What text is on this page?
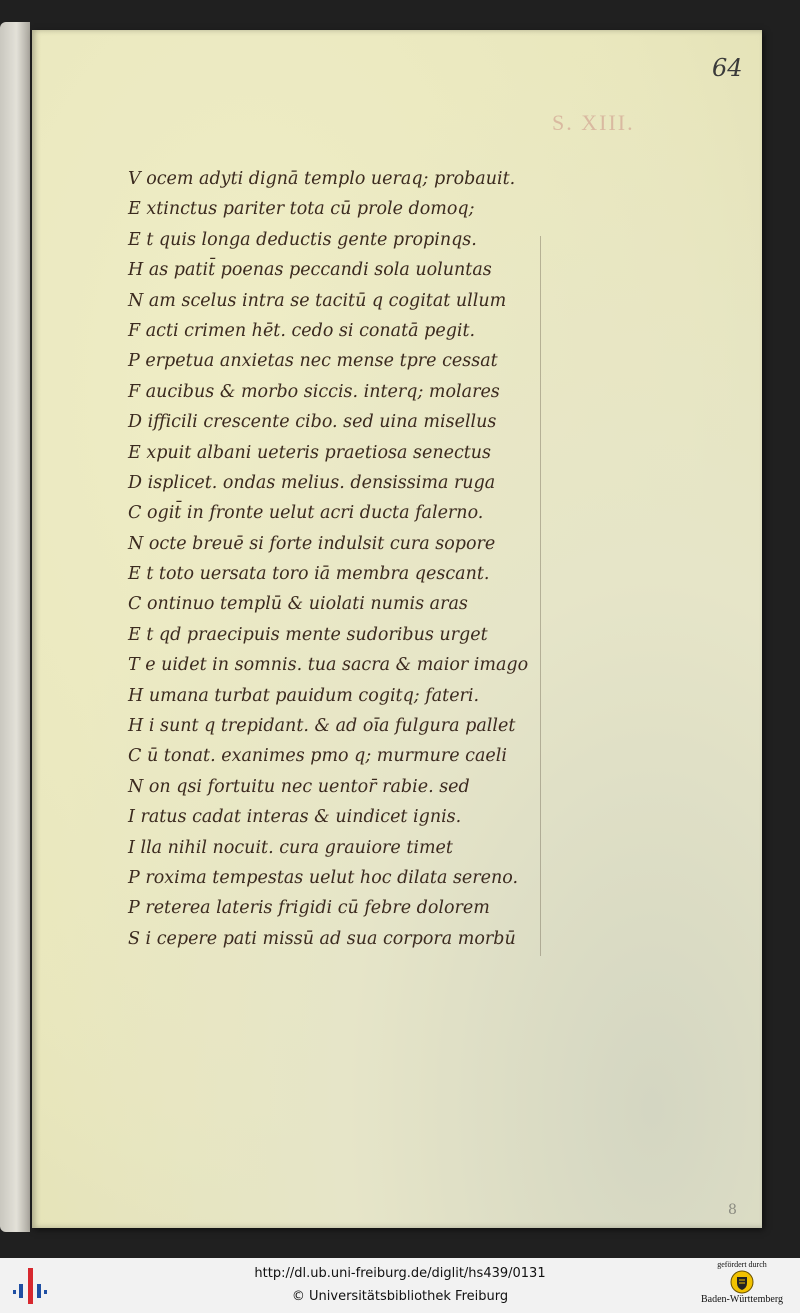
64
S. XIII.
V ocem adyti dignā templo ueraq; probauit.
E xtinctus pariter tota cū prole domoq;
E t quis longa deductis gente propinqs.
H as patit̄ poenas peccandi sola uoluntas
N am scelus intra se tacitū q cogitat ullum
F acti crimen hēt. cedo si conatā pegit.
P erpetua anxietas nec mense tpre cessat
F aucibus & morbo siccis. interq; molares
D ifficili crescente cibo. sed uina misellus
E xpuit albani ueteris praetiosa senectus
D isplicet. ondas melius. densissima ruga
C ogit̄ in fronte uelut acri ducta falerno.
N octe breuē si forte indulsit cura sopore
E t toto uersata toro iā membra qescant.
C ontinuo templū & uiolati numis aras
E t qd praecipuis mente sudoribus urget
T e uidet in somnis. tua sacra & maior imago
H umana turbat pauidum cogitq; fateri.
H i sunt q trepidant. & ad oīa fulgura pallet
C ū tonat. exanimes pmo q; murmure caeli
N on qsi fortuitu nec uentor̄ rabie. sed
I ratus cadat interas & uindicet ignis.
I lla nihil nocuit. cura grauiore timet
P roxima tempestas uelut hoc dilata sereno.
P reterea lateris frigidi cū febre dolorem
S i cepere pati missū ad sua corpora morbū
8
http://dl.ub.uni-freiburg.de/diglit/hs439/0131
© Universitätsbibliothek Freiburg
gefördert durch
Baden-Württemberg
